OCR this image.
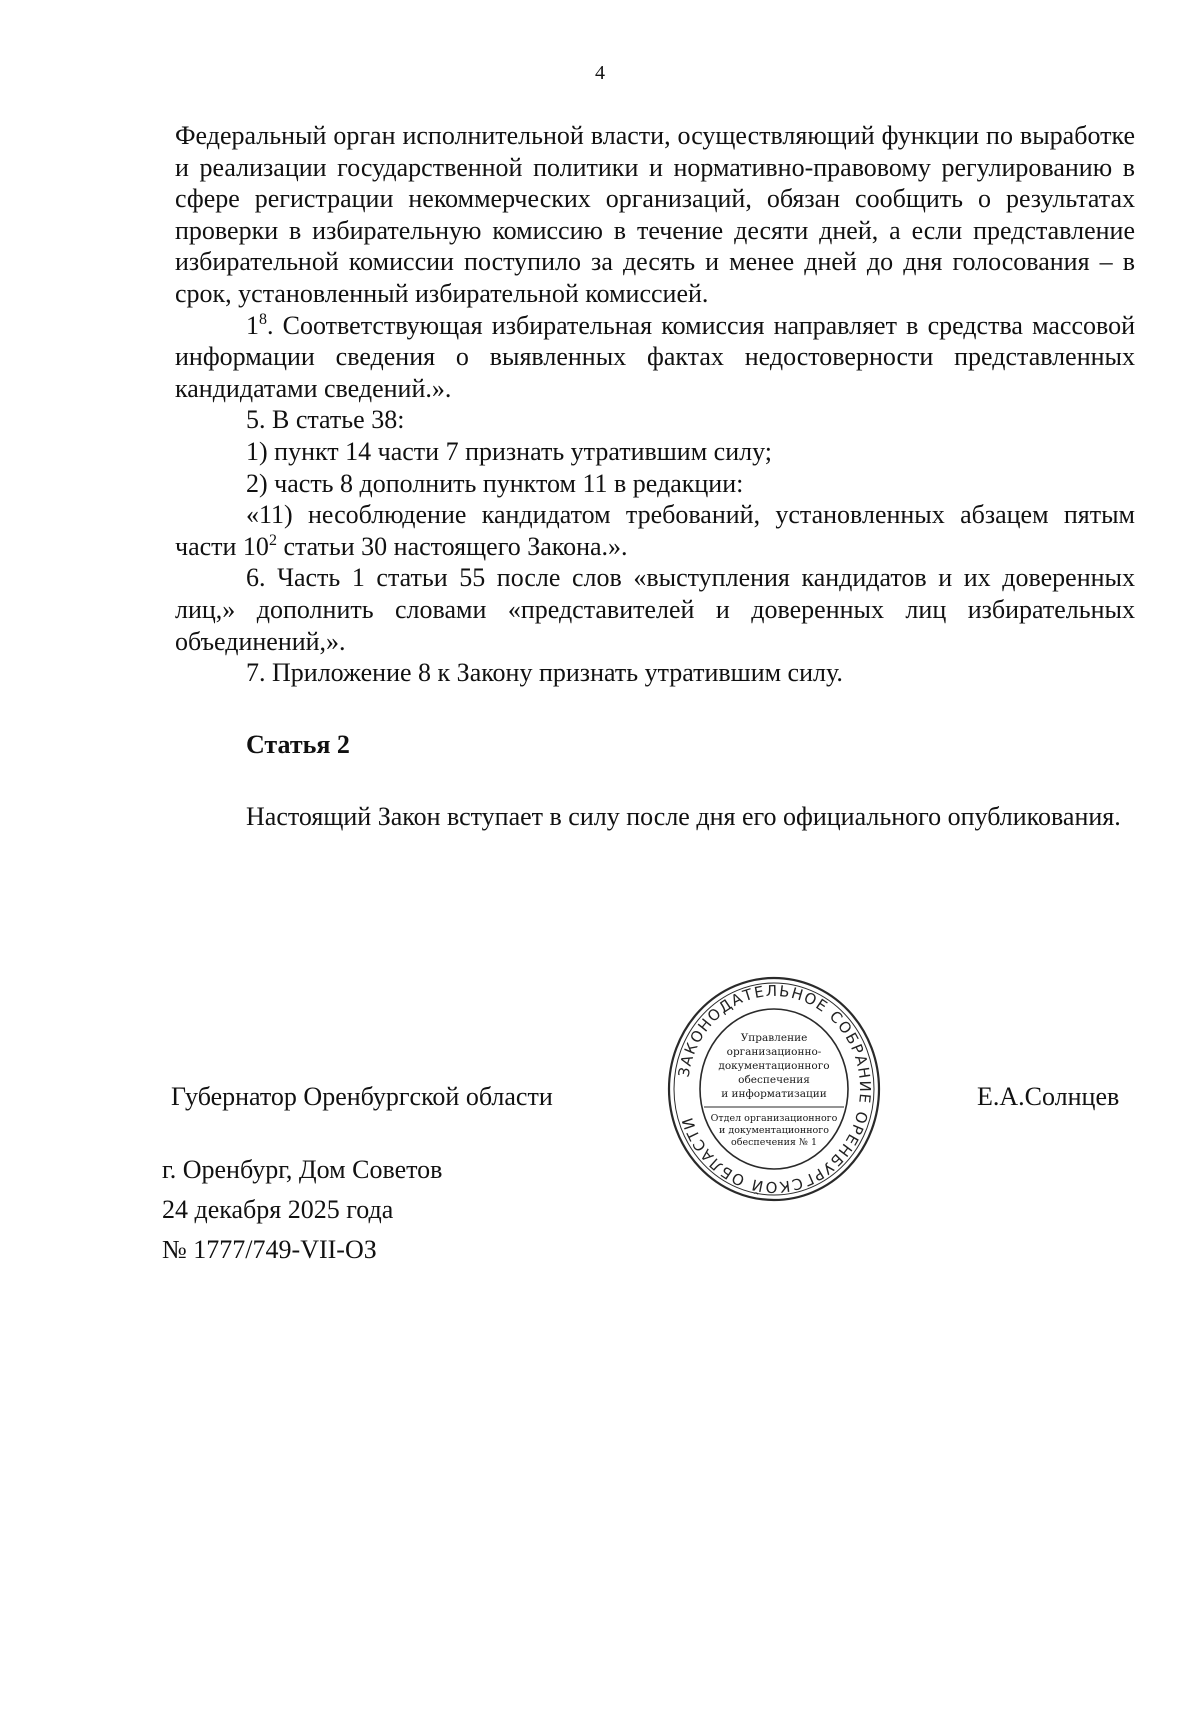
4

Федеральный орган исполнительной власти, осуществляющий функции по выработке и реализации государственной политики и нормативно-правовому регулированию в сфере регистрации некоммерческих организаций, обязан сообщить о результатах проверки в избирательную комиссию в течение десяти дней, а если представление избирательной комиссии поступило за десять и менее дней до дня голосования – в срок, установленный избирательной комиссией.

$1^8$. Соответствующая избирательная комиссия направляет в средства массовой информации сведения о выявленных фактах недостоверности представленных кандидатами сведений.».

5. В статье 38:

1) пункт 14 части 7 признать утратившим силу;

2) часть 8 дополнить пунктом 11 в редакции:

«11) несоблюдение кандидатом требований, установленных абзацем пятым части $10^2$ статьи 30 настоящего Закона.».

6. Часть 1 статьи 55 после слов «выступления кандидатов и их доверенных лиц,» дополнить словами «представителей и доверенных лиц избирательных объединений,».

7. Приложение 8 к Закону признать утратившим силу.

Статья 2

Настоящий Закон вступает в силу после дня его официального опубликования.

Губернатор Оренбургской области	Е.А.Солнцев
г. Оренбург, Дом Советов
24 декабря 2025 года
№ 1777/749-VII-ОЗ
ЗАКОНОДАТЕЛЬНОЕ СОБРАНИЕ ОРЕНБУРГСКОЙ ОБЛАСТИ
Управление
организационно-
документационного
обеспечения
и информатизации
Отдел организационного
и документационного
обеспечения № 1
